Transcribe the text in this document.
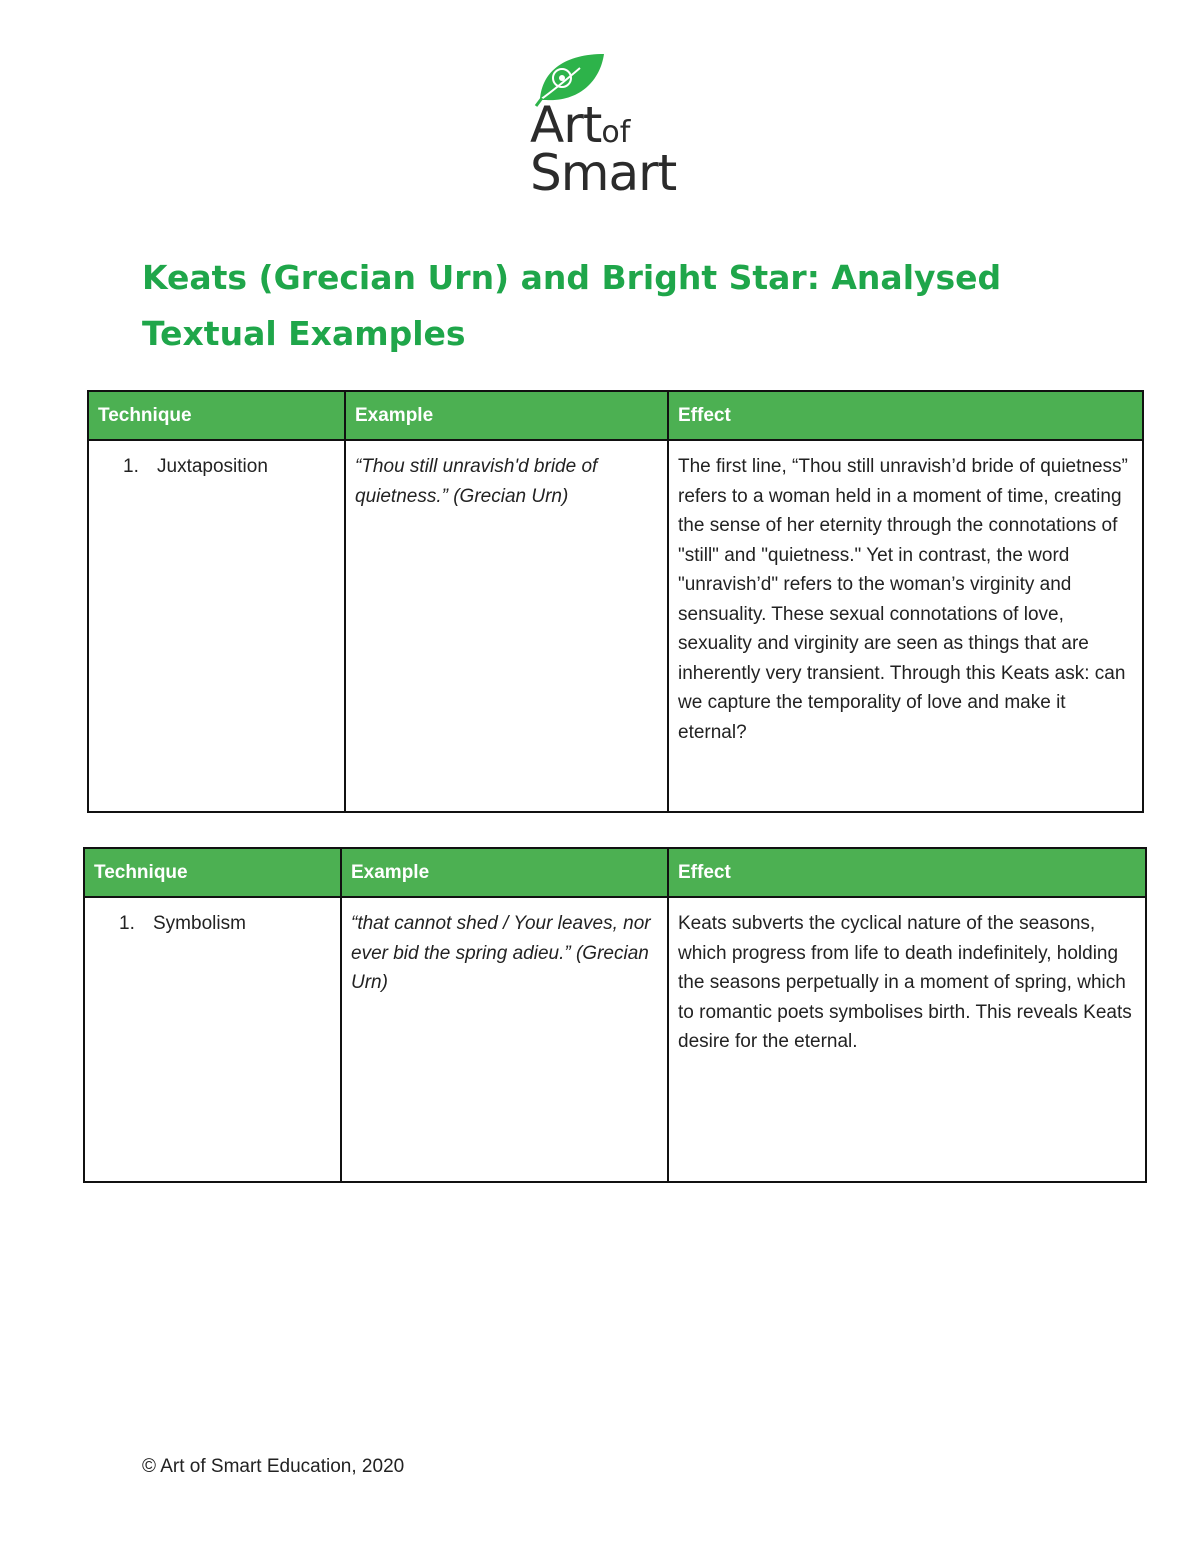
Artof
Smart
Keats (Grecian Urn) and Bright Star: Analysed Textual Examples
Technique	Example	Effect
1. Juxtaposition	“Thou still unravish'd bride of quietness.” (Grecian Urn)	The first line, “Thou still unravish’d bride of quietness” refers to a woman held in a moment of time, creating the sense of her eternity through the connotations of "still" and "quietness." Yet in contrast, the word "unravish’d" refers to the woman’s virginity and sensuality. These sexual connotations of love, sexuality and virginity are seen as things that are inherently very transient. Through this Keats ask: can we capture the temporality of love and make it eternal?
Technique	Example	Effect
1. Symbolism	“that cannot shed / Your leaves, nor ever bid the spring adieu.” (Grecian Urn)	Keats subverts the cyclical nature of the seasons, which progress from life to death indefinitely, holding the seasons perpetually in a moment of spring, which to romantic poets symbolises birth. This reveals Keats desire for the eternal.
© Art of Smart Education, 2020
